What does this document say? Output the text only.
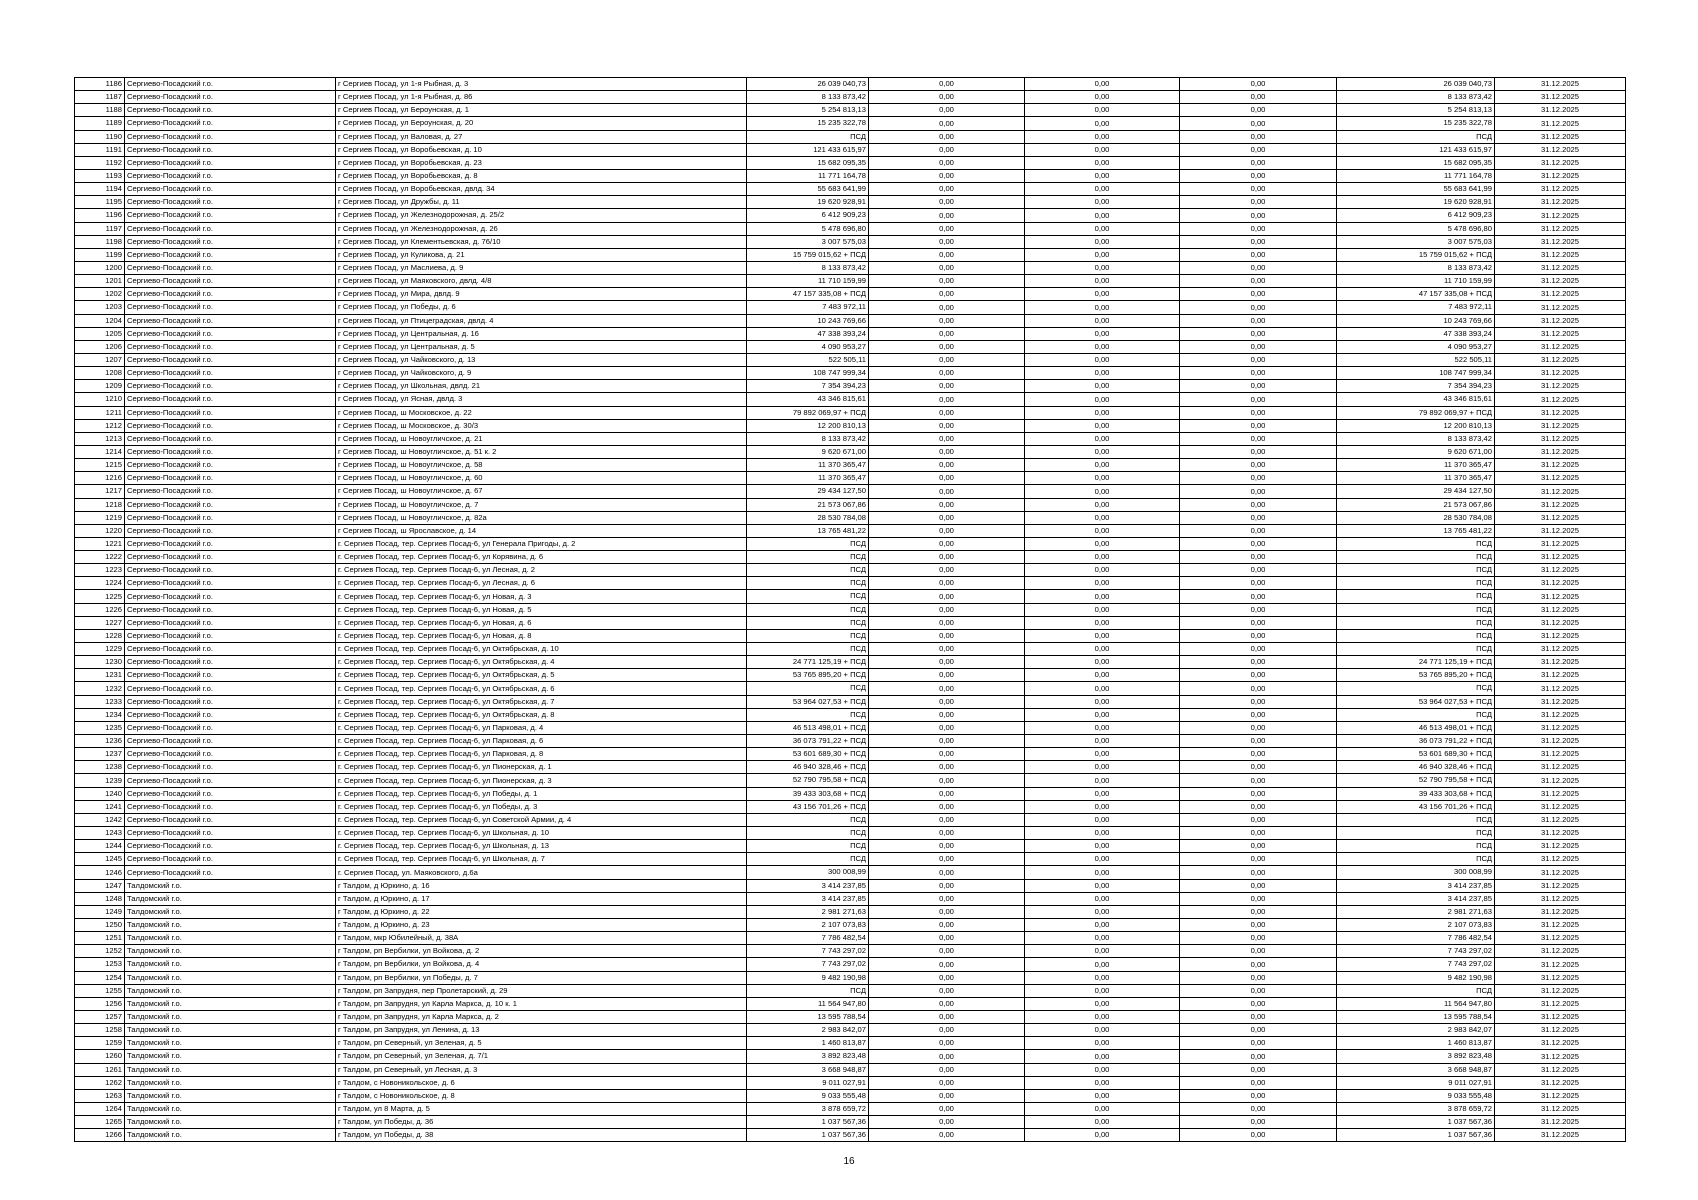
1186	Сергиево-Посадский г.о.	г Сергиев Посад, ул 1-я Рыбная, д. 3	26 039 040,73	0,00	0,00	0,00	26 039 040,73	31.12.2025
1187	Сергиево-Посадский г.о.	г Сергиев Посад, ул 1-я Рыбная, д. 86	8 133 873,42	0,00	0,00	0,00	8 133 873,42	31.12.2025
1188	Сергиево-Посадский г.о.	г Сергиев Посад, ул Бероунская, д. 1	5 254 813,13	0,00	0,00	0,00	5 254 813,13	31.12.2025
1189	Сергиево-Посадский г.о.	г Сергиев Посад, ул Бероунская, д. 20	15 235 322,78	0,00	0,00	0,00	15 235 322,78	31.12.2025
1190	Сергиево-Посадский г.о.	г Сергиев Посад, ул Валовая, д. 27	ПСД	0,00	0,00	0,00	ПСД	31.12.2025
1191	Сергиево-Посадский г.о.	г Сергиев Посад, ул Воробьевская, д. 10	121 433 615,97	0,00	0,00	0,00	121 433 615,97	31.12.2025
1192	Сергиево-Посадский г.о.	г Сергиев Посад, ул Воробьевская, д. 23	15 682 095,35	0,00	0,00	0,00	15 682 095,35	31.12.2025
1193	Сергиево-Посадский г.о.	г Сергиев Посад, ул Воробьевская, д. 8	11 771 164,78	0,00	0,00	0,00	11 771 164,78	31.12.2025
1194	Сергиево-Посадский г.о.	г Сергиев Посад, ул Воробьевская, двлд. 34	55 683 641,99	0,00	0,00	0,00	55 683 641,99	31.12.2025
1195	Сергиево-Посадский г.о.	г Сергиев Посад, ул Дружбы, д. 11	19 620 928,91	0,00	0,00	0,00	19 620 928,91	31.12.2025
1196	Сергиево-Посадский г.о.	г Сергиев Посад, ул Железнодорожная, д. 25/2	6 412 909,23	0,00	0,00	0,00	6 412 909,23	31.12.2025
1197	Сергиево-Посадский г.о.	г Сергиев Посад, ул Железнодорожная, д. 26	5 478 696,80	0,00	0,00	0,00	5 478 696,80	31.12.2025
1198	Сергиево-Посадский г.о.	г Сергиев Посад, ул Клементьевская, д. 76/10	3 007 575,03	0,00	0,00	0,00	3 007 575,03	31.12.2025
1199	Сергиево-Посадский г.о.	г Сергиев Посад, ул Куликова, д. 21	15 759 015,62 + ПСД	0,00	0,00	0,00	15 759 015,62 + ПСД	31.12.2025
1200	Сергиево-Посадский г.о.	г Сергиев Посад, ул Маслиева, д. 9	8 133 873,42	0,00	0,00	0,00	8 133 873,42	31.12.2025
1201	Сергиево-Посадский г.о.	г Сергиев Посад, ул Маяковского, двлд. 4/8	11 710 159,99	0,00	0,00	0,00	11 710 159,99	31.12.2025
1202	Сергиево-Посадский г.о.	г Сергиев Посад, ул Мира, двлд. 9	47 157 335,08 + ПСД	0,00	0,00	0,00	47 157 335,08 + ПСД	31.12.2025
1203	Сергиево-Посадский г.о.	г Сергиев Посад, ул Победы, д. 6	7 483 972,11	0,00	0,00	0,00	7 483 972,11	31.12.2025
1204	Сергиево-Посадский г.о.	г Сергиев Посад, ул Птицеградская, двлд. 4	10 243 769,66	0,00	0,00	0,00	10 243 769,66	31.12.2025
1205	Сергиево-Посадский г.о.	г Сергиев Посад, ул Центральная, д. 16	47 338 393,24	0,00	0,00	0,00	47 338 393,24	31.12.2025
1206	Сергиево-Посадский г.о.	г Сергиев Посад, ул Центральная, д. 5	4 090 953,27	0,00	0,00	0,00	4 090 953,27	31.12.2025
1207	Сергиево-Посадский г.о.	г Сергиев Посад, ул Чайковского, д. 13	522 505,11	0,00	0,00	0,00	522 505,11	31.12.2025
1208	Сергиево-Посадский г.о.	г Сергиев Посад, ул Чайковского, д. 9	108 747 999,34	0,00	0,00	0,00	108 747 999,34	31.12.2025
1209	Сергиево-Посадский г.о.	г Сергиев Посад, ул Школьная, двлд. 21	7 354 394,23	0,00	0,00	0,00	7 354 394,23	31.12.2025
1210	Сергиево-Посадский г.о.	г Сергиев Посад, ул Ясная, двлд. 3	43 346 815,61	0,00	0,00	0,00	43 346 815,61	31.12.2025
1211	Сергиево-Посадский г.о.	г Сергиев Посад, ш Московское, д. 22	79 892 069,97 + ПСД	0,00	0,00	0,00	79 892 069,97 + ПСД	31.12.2025
1212	Сергиево-Посадский г.о.	г Сергиев Посад, ш Московское, д. 30/3	12 200 810,13	0,00	0,00	0,00	12 200 810,13	31.12.2025
1213	Сергиево-Посадский г.о.	г Сергиев Посад, ш Новоугличское, д. 21	8 133 873,42	0,00	0,00	0,00	8 133 873,42	31.12.2025
1214	Сергиево-Посадский г.о.	г Сергиев Посад, ш Новоугличское, д. 51 к. 2	9 620 671,00	0,00	0,00	0,00	9 620 671,00	31.12.2025
1215	Сергиево-Посадский г.о.	г Сергиев Посад, ш Новоугличское, д. 58	11 370 365,47	0,00	0,00	0,00	11 370 365,47	31.12.2025
1216	Сергиево-Посадский г.о.	г Сергиев Посад, ш Новоугличское, д. 60	11 370 365,47	0,00	0,00	0,00	11 370 365,47	31.12.2025
1217	Сергиево-Посадский г.о.	г Сергиев Посад, ш Новоугличское, д. 67	29 434 127,50	0,00	0,00	0,00	29 434 127,50	31.12.2025
1218	Сергиево-Посадский г.о.	г Сергиев Посад, ш Новоугличское, д. 7	21 573 067,86	0,00	0,00	0,00	21 573 067,86	31.12.2025
1219	Сергиево-Посадский г.о.	г Сергиев Посад, ш Новоугличское, д. 82а	28 530 784,08	0,00	0,00	0,00	28 530 784,08	31.12.2025
1220	Сергиево-Посадский г.о.	г Сергиев Посад, ш Ярославское, д. 14	13 765 481,22	0,00	0,00	0,00	13 765 481,22	31.12.2025
1221	Сергиево-Посадский г.о.	г. Сергиев Посад, тер. Сергиев Посад-6, ул Генерала Пригоды, д. 2	ПСД	0,00	0,00	0,00	ПСД	31.12.2025
1222	Сергиево-Посадский г.о.	г. Сергиев Посад, тер. Сергиев Посад-6, ул Корявина, д. 6	ПСД	0,00	0,00	0,00	ПСД	31.12.2025
1223	Сергиево-Посадский г.о.	г. Сергиев Посад, тер. Сергиев Посад-6, ул Лесная, д. 2	ПСД	0,00	0,00	0,00	ПСД	31.12.2025
1224	Сергиево-Посадский г.о.	г. Сергиев Посад, тер. Сергиев Посад-6, ул Лесная, д. 6	ПСД	0,00	0,00	0,00	ПСД	31.12.2025
1225	Сергиево-Посадский г.о.	г. Сергиев Посад, тер. Сергиев Посад-6, ул Новая, д. 3	ПСД	0,00	0,00	0,00	ПСД	31.12.2025
1226	Сергиево-Посадский г.о.	г. Сергиев Посад, тер. Сергиев Посад-6, ул Новая, д. 5	ПСД	0,00	0,00	0,00	ПСД	31.12.2025
1227	Сергиево-Посадский г.о.	г. Сергиев Посад, тер. Сергиев Посад-6, ул Новая, д. 6	ПСД	0,00	0,00	0,00	ПСД	31.12.2025
1228	Сергиево-Посадский г.о.	г. Сергиев Посад, тер. Сергиев Посад-6, ул Новая, д. 8	ПСД	0,00	0,00	0,00	ПСД	31.12.2025
1229	Сергиево-Посадский г.о.	г. Сергиев Посад, тер. Сергиев Посад-6, ул Октябрьская, д. 10	ПСД	0,00	0,00	0,00	ПСД	31.12.2025
1230	Сергиево-Посадский г.о.	г. Сергиев Посад, тер. Сергиев Посад-6, ул Октябрьская, д. 4	24 771 125,19 + ПСД	0,00	0,00	0,00	24 771 125,19 + ПСД	31.12.2025
1231	Сергиево-Посадский г.о.	г. Сергиев Посад, тер. Сергиев Посад-6, ул Октябрьская, д. 5	53 765 895,20 + ПСД	0,00	0,00	0,00	53 765 895,20 + ПСД	31.12.2025
1232	Сергиево-Посадский г.о.	г. Сергиев Посад, тер. Сергиев Посад-6, ул Октябрьская, д. 6	ПСД	0,00	0,00	0,00	ПСД	31.12.2025
1233	Сергиево-Посадский г.о.	г. Сергиев Посад, тер. Сергиев Посад-6, ул Октябрьская, д. 7	53 964 027,53 + ПСД	0,00	0,00	0,00	53 964 027,53 + ПСД	31.12.2025
1234	Сергиево-Посадский г.о.	г. Сергиев Посад, тер. Сергиев Посад-6, ул Октябрьская, д. 8	ПСД	0,00	0,00	0,00	ПСД	31.12.2025
1235	Сергиево-Посадский г.о.	г. Сергиев Посад, тер. Сергиев Посад-6, ул Парковая, д. 4	46 513 498,01 + ПСД	0,00	0,00	0,00	46 513 498,01 + ПСД	31.12.2025
1236	Сергиево-Посадский г.о.	г. Сергиев Посад, тер. Сергиев Посад-6, ул Парковая, д. 6	36 073 791,22 + ПСД	0,00	0,00	0,00	36 073 791,22 + ПСД	31.12.2025
1237	Сергиево-Посадский г.о.	г. Сергиев Посад, тер. Сергиев Посад-6, ул Парковая, д. 8	53 601 689,30 + ПСД	0,00	0,00	0,00	53 601 689,30 + ПСД	31.12.2025
1238	Сергиево-Посадский г.о.	г. Сергиев Посад, тер. Сергиев Посад-6, ул Пионерская, д. 1	46 940 328,46 + ПСД	0,00	0,00	0,00	46 940 328,46 + ПСД	31.12.2025
1239	Сергиево-Посадский г.о.	г. Сергиев Посад, тер. Сергиев Посад-6, ул Пионерская, д. 3	52 790 795,58 + ПСД	0,00	0,00	0,00	52 790 795,58 + ПСД	31.12.2025
1240	Сергиево-Посадский г.о.	г. Сергиев Посад, тер. Сергиев Посад-6, ул Победы, д. 1	39 433 303,68 + ПСД	0,00	0,00	0,00	39 433 303,68 + ПСД	31.12.2025
1241	Сергиево-Посадский г.о.	г. Сергиев Посад, тер. Сергиев Посад-6, ул Победы, д. 3	43 156 701,26 + ПСД	0,00	0,00	0,00	43 156 701,26 + ПСД	31.12.2025
1242	Сергиево-Посадский г.о.	г. Сергиев Посад, тер. Сергиев Посад-6, ул Советской Армии, д. 4	ПСД	0,00	0,00	0,00	ПСД	31.12.2025
1243	Сергиево-Посадский г.о.	г. Сергиев Посад, тер. Сергиев Посад-6, ул Школьная, д. 10	ПСД	0,00	0,00	0,00	ПСД	31.12.2025
1244	Сергиево-Посадский г.о.	г. Сергиев Посад, тер. Сергиев Посад-6, ул Школьная, д. 13	ПСД	0,00	0,00	0,00	ПСД	31.12.2025
1245	Сергиево-Посадский г.о.	г. Сергиев Посад, тер. Сергиев Посад-6, ул Школьная, д. 7	ПСД	0,00	0,00	0,00	ПСД	31.12.2025
1246	Сергиево-Посадский г.о.	г. Сергиев Посад, ул. Маяковского, д.6а	300 008,99	0,00	0,00	0,00	300 008,99	31.12.2025
1247	Талдомский г.о.	г Талдом, д Юркино, д. 16	3 414 237,85	0,00	0,00	0,00	3 414 237,85	31.12.2025
1248	Талдомский г.о.	г Талдом, д Юркино, д. 17	3 414 237,85	0,00	0,00	0,00	3 414 237,85	31.12.2025
1249	Талдомский г.о.	г Талдом, д Юркино, д. 22	2 981 271,63	0,00	0,00	0,00	2 981 271,63	31.12.2025
1250	Талдомский г.о.	г Талдом, д Юркино, д. 23	2 107 073,83	0,00	0,00	0,00	2 107 073,83	31.12.2025
1251	Талдомский г.о.	г Талдом, мкр Юбилейный, д. 38А	7 786 482,54	0,00	0,00	0,00	7 786 482,54	31.12.2025
1252	Талдомский г.о.	г Талдом, рп Вербилки, ул Войкова, д. 2	7 743 297,02	0,00	0,00	0,00	7 743 297,02	31.12.2025
1253	Талдомский г.о.	г Талдом, рп Вербилки, ул Войкова, д. 4	7 743 297,02	0,00	0,00	0,00	7 743 297,02	31.12.2025
1254	Талдомский г.о.	г Талдом, рп Вербилки, ул Победы, д. 7	9 482 190,98	0,00	0,00	0,00	9 482 190,98	31.12.2025
1255	Талдомский г.о.	г Талдом, рп Запрудня, пер Пролетарский, д. 29	ПСД	0,00	0,00	0,00	ПСД	31.12.2025
1256	Талдомский г.о.	г Талдом, рп Запрудня, ул Карла Маркса, д. 10 к. 1	11 564 947,80	0,00	0,00	0,00	11 564 947,80	31.12.2025
1257	Талдомский г.о.	г Талдом, рп Запрудня, ул Карла Маркса, д. 2	13 595 788,54	0,00	0,00	0,00	13 595 788,54	31.12.2025
1258	Талдомский г.о.	г Талдом, рп Запрудня, ул Ленина, д. 13	2 983 842,07	0,00	0,00	0,00	2 983 842,07	31.12.2025
1259	Талдомский г.о.	г Талдом, рп Северный, ул Зеленая, д. 5	1 460 813,87	0,00	0,00	0,00	1 460 813,87	31.12.2025
1260	Талдомский г.о.	г Талдом, рп Северный, ул Зеленая, д. 7/1	3 892 823,48	0,00	0,00	0,00	3 892 823,48	31.12.2025
1261	Талдомский г.о.	г Талдом, рп Северный, ул Лесная, д. 3	3 668 948,87	0,00	0,00	0,00	3 668 948,87	31.12.2025
1262	Талдомский г.о.	г Талдом, с Новоникольское, д. 6	9 011 027,91	0,00	0,00	0,00	9 011 027,91	31.12.2025
1263	Талдомский г.о.	г Талдом, с Новоникольское, д. 8	9 033 555,48	0,00	0,00	0,00	9 033 555,48	31.12.2025
1264	Талдомский г.о.	г Талдом, ул 8 Марта, д. 5	3 878 659,72	0,00	0,00	0,00	3 878 659,72	31.12.2025
1265	Талдомский г.о.	г Талдом, ул Победы, д. 36	1 037 567,36	0,00	0,00	0,00	1 037 567,36	31.12.2025
1266	Талдомский г.о.	г Талдом, ул Победы, д. 38	1 037 567,36	0,00	0,00	0,00	1 037 567,36	31.12.2025
16
